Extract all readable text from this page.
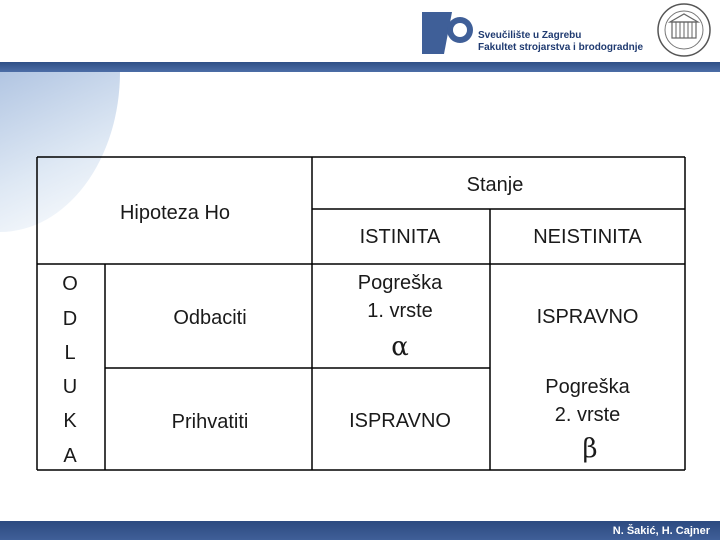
Sveučilište u Zagrebu
Fakultet strojarstva i brodogradnje
Hipoteza Ho
Stanje
ISTINITA	NEISTINITA
O
D
L
U
K
A
Odbaciti
Prihvatiti
Pogreška
1. vrste
α
ISPRAVNO
ISPRAVNO
Pogreška
2. vrste
β
N. Šakić, H. Cajner
